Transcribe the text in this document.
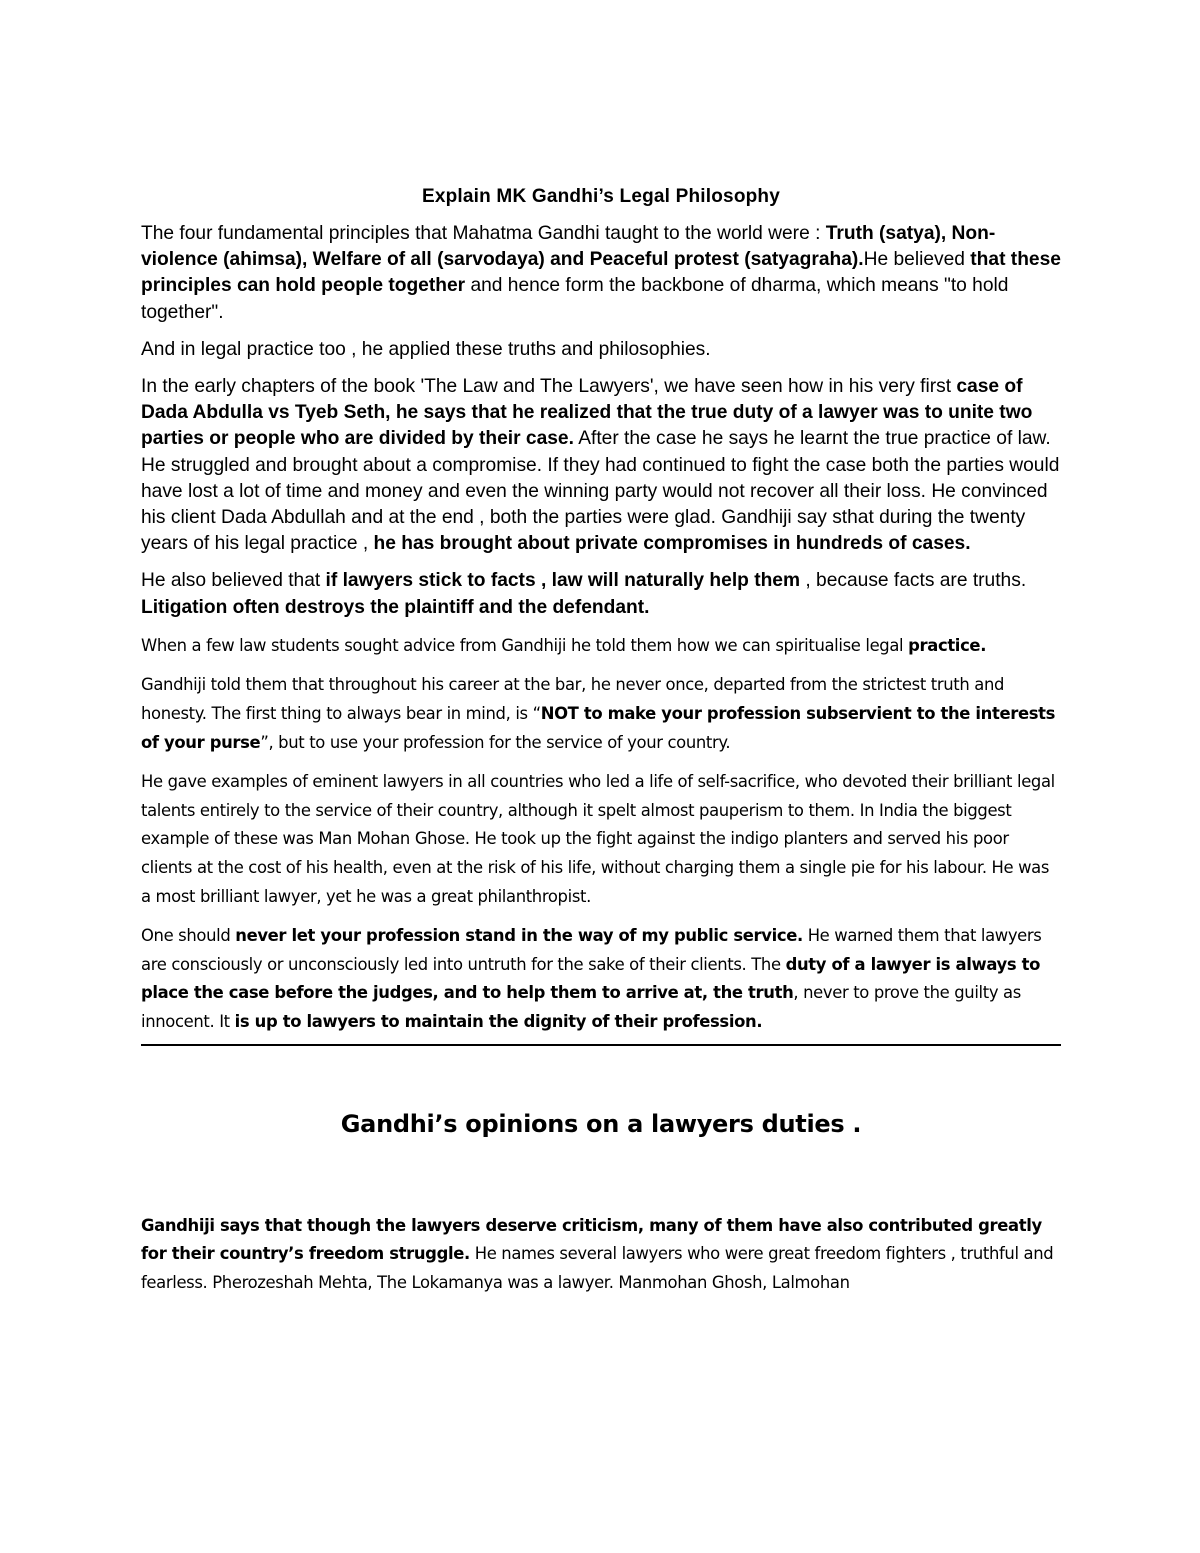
Explain MK Gandhi’s Legal Philosophy

The four fundamental principles that Mahatma Gandhi taught to the world were : Truth (satya), Non-violence (ahimsa), Welfare of all (sarvodaya) and Peaceful protest (satyagraha).He believed that these principles can hold people together and hence form the backbone of dharma, which means "to hold together".

And in legal practice too , he applied these truths and philosophies.

In the early chapters of the book 'The Law and The Lawyers', we have seen how in his very first case of Dada Abdulla vs Tyeb Seth, he says that he realized that the true duty of a lawyer was to unite two parties or people who are divided by their case. After the case he says he learnt the true practice of law. He struggled and brought about a compromise. If they had continued to fight the case both the parties would have lost a lot of time and money and even the winning party would not recover all their loss. He convinced his client Dada Abdullah and at the end , both the parties were glad. Gandhiji say sthat during the twenty years of his legal practice , he has brought about private compromises in hundreds of cases.

He also believed that if lawyers stick to facts , law will naturally help them , because facts are truths. Litigation often destroys the plaintiff and the defendant.

When a few law students sought advice from Gandhiji he told them how we can spiritualise legal practice.

Gandhiji told them that throughout his career at the bar, he never once, departed from the strictest truth and honesty. The first thing to always bear in mind, is “NOT to make your profession subservient to the interests of your purse”, but to use your profession for the service of your country.

He gave examples of eminent lawyers in all countries who led a life of self-sacrifice, who devoted their brilliant legal talents entirely to the service of their country, although it spelt almost pauperism to them. In India the biggest example of these was Man Mohan Ghose. He took up the fight against the indigo planters and served his poor clients at the cost of his health, even at the risk of his life, without charging them a single pie for his labour. He was a most brilliant lawyer, yet he was a great philanthropist.

One should never let your profession stand in the way of my public service. He warned them that lawyers are consciously or unconsciously led into untruth for the sake of their clients. The duty of a lawyer is always to place the case before the judges, and to help them to arrive at, the truth, never to prove the guilty as innocent. It is up to lawyers to maintain the dignity of their profession.

Gandhi’s opinions on a lawyers duties .

Gandhiji says that though the lawyers deserve criticism, many of them have also contributed greatly for their country’s freedom struggle. He names several lawyers who were great freedom fighters , truthful and fearless. Pherozeshah Mehta, The Lokamanya was a lawyer. Manmohan Ghosh, Lalmohan
